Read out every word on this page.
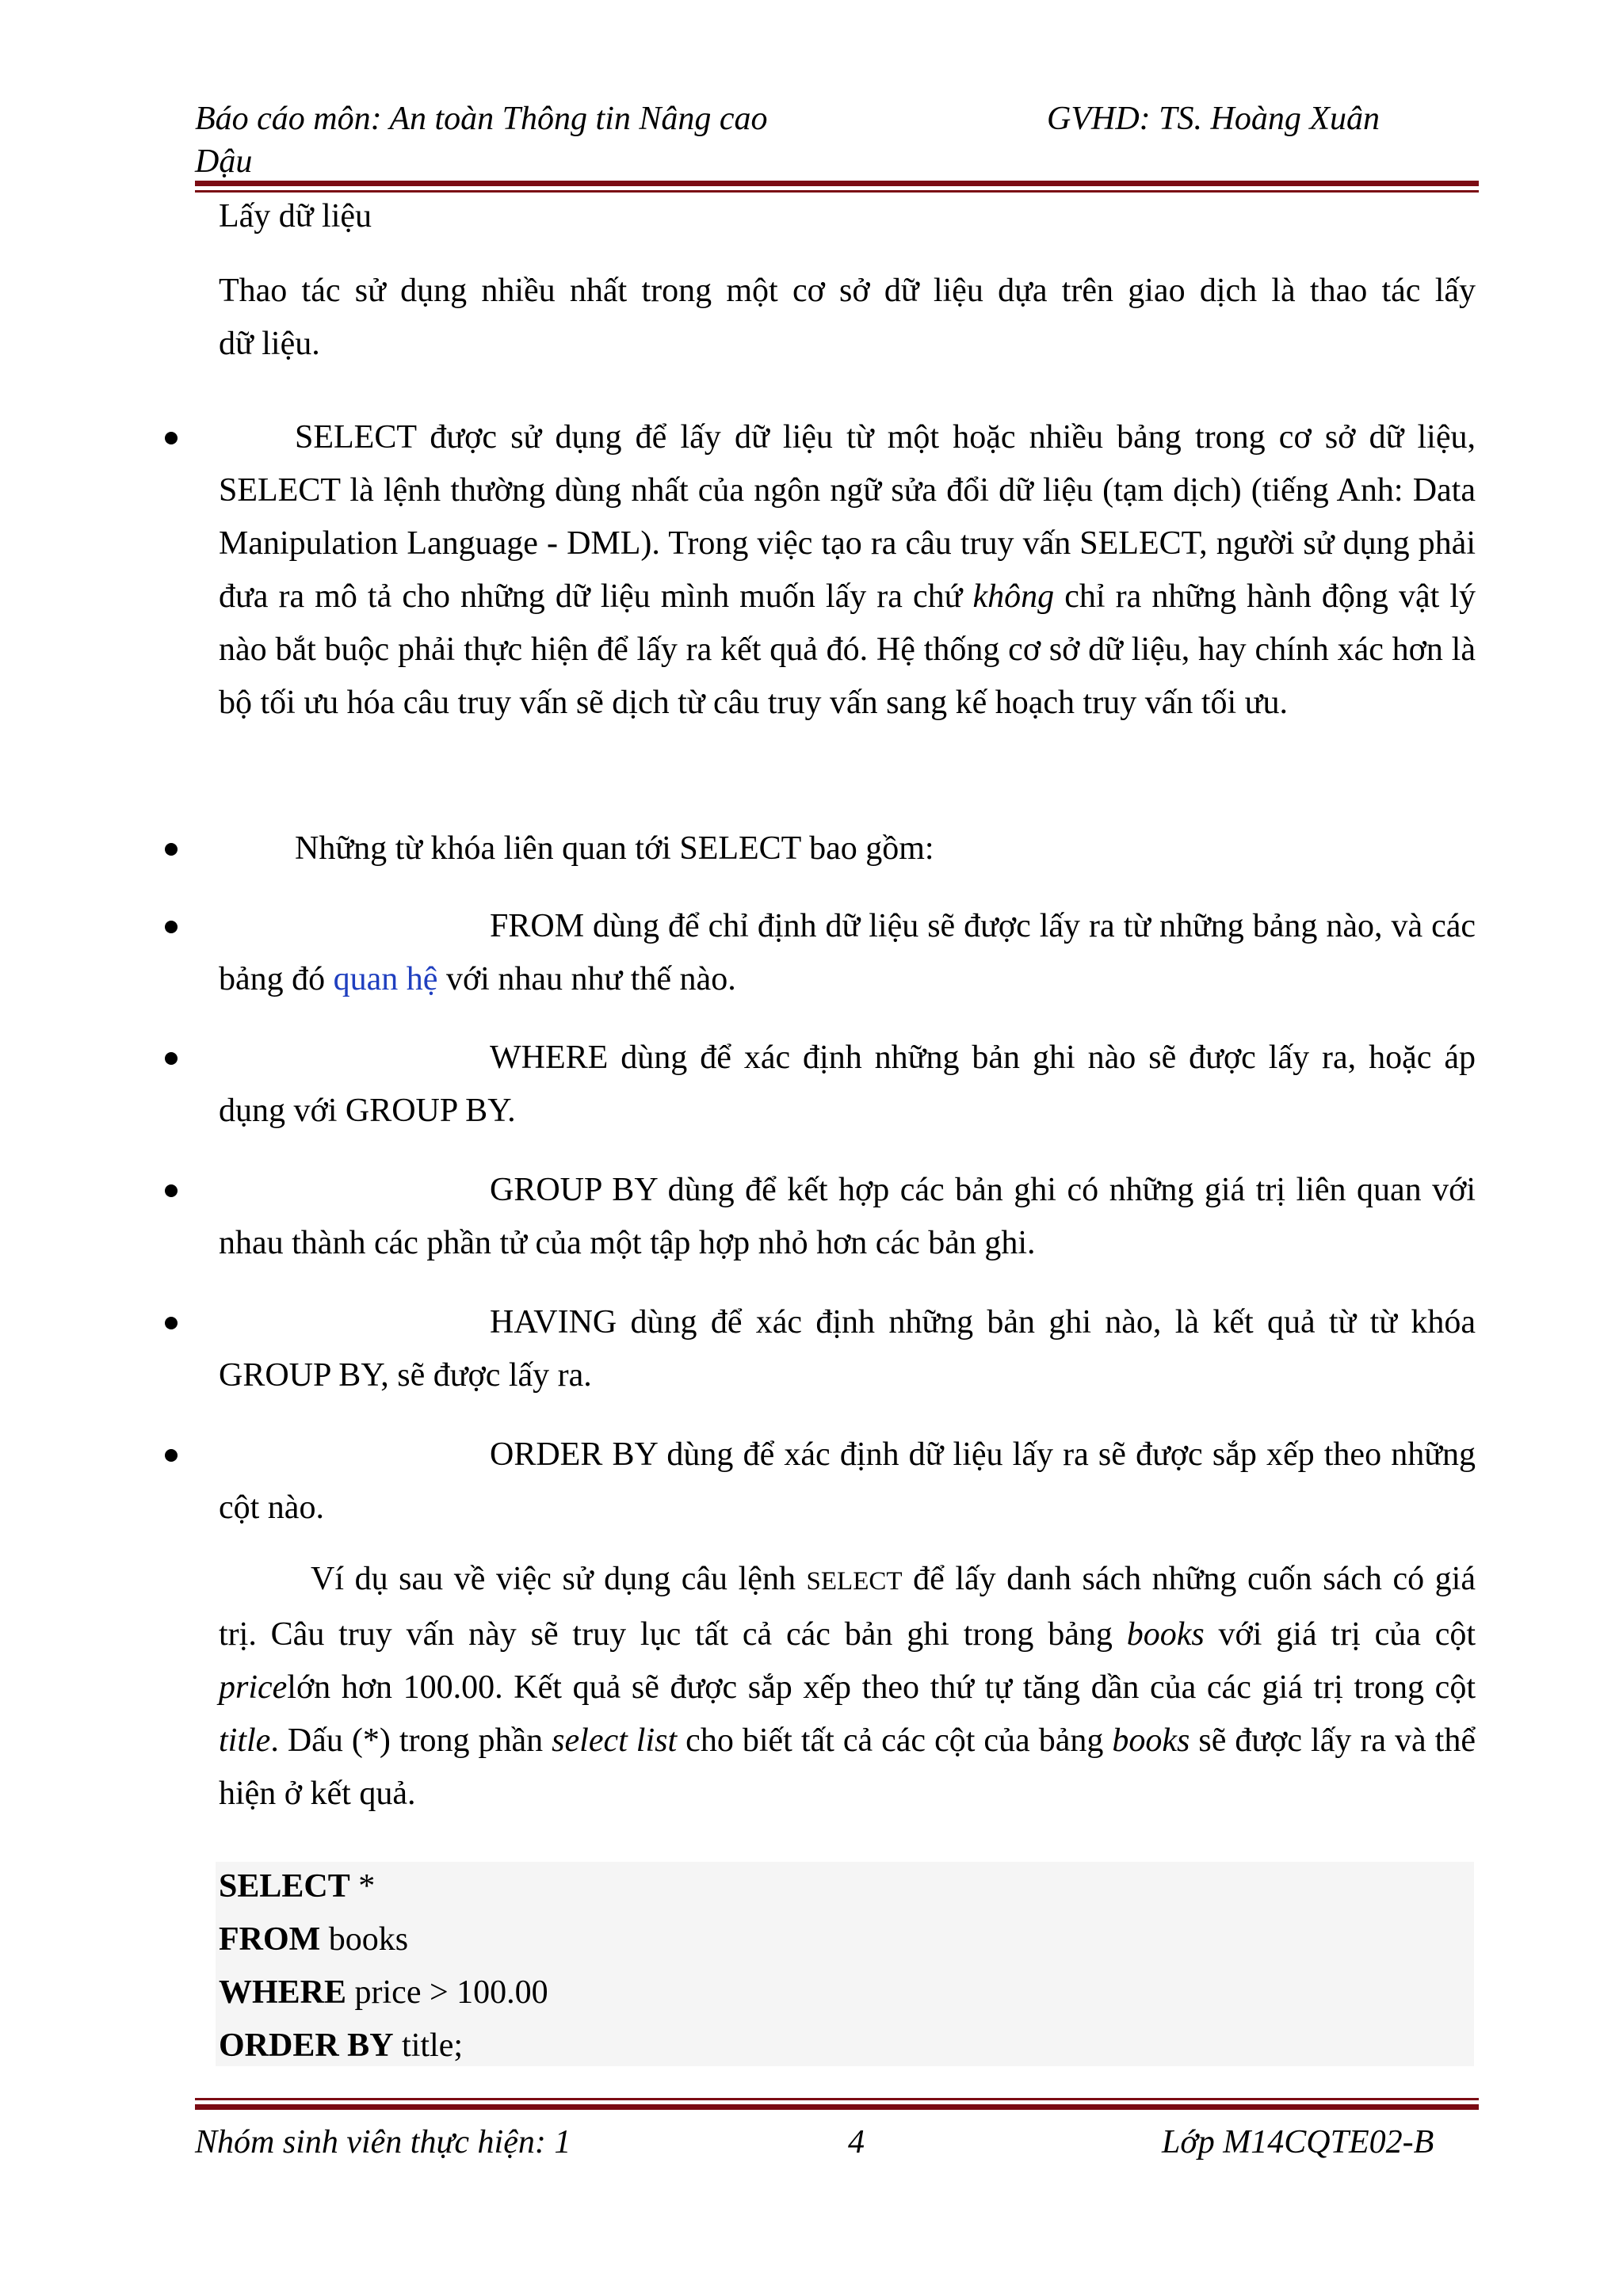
Báo cáo môn: An toàn Thông tin Nâng cao	GVHD: TS. Hoàng Xuân
Dậu
Lấy dữ liệu
Thao tác sử dụng nhiều nhất trong một cơ sở dữ liệu dựa trên giao dịch là thao tác lấy
dữ liệu.
SELECT được sử dụng để lấy dữ liệu từ một hoặc nhiều bảng trong cơ sở dữ liệu, SELECT là lệnh thường dùng nhất của ngôn ngữ sửa đổi dữ liệu (tạm dịch) (tiếng Anh: Data Manipulation Language - DML). Trong việc tạo ra câu truy vấn SELECT, người sử dụng phải đưa ra mô tả cho những dữ liệu mình muốn lấy ra chứ không chỉ ra những hành động vật lý nào bắt buộc phải thực hiện để lấy ra kết quả đó. Hệ thống cơ sở dữ liệu, hay chính xác hơn là bộ tối ưu hóa câu truy vấn sẽ dịch từ câu truy vấn sang kế hoạch truy vấn tối ưu.
Những từ khóa liên quan tới SELECT bao gồm:
FROM dùng để chỉ định dữ liệu sẽ được lấy ra từ những bảng nào, và các bảng đó quan hệ với nhau như thế nào.
WHERE dùng để xác định những bản ghi nào sẽ được lấy ra, hoặc áp dụng với GROUP BY.
GROUP BY dùng để kết hợp các bản ghi có những giá trị liên quan với nhau thành các phần tử của một tập hợp nhỏ hơn các bản ghi.
HAVING dùng để xác định những bản ghi nào, là kết quả từ từ khóa GROUP BY, sẽ được lấy ra.
ORDER BY dùng để xác định dữ liệu lấy ra sẽ được sắp xếp theo những cột nào.
Ví dụ sau về việc sử dụng câu lệnh SELECT để lấy danh sách những cuốn sách có giá trị. Câu truy vấn này sẽ truy lục tất cả các bản ghi trong bảng books với giá trị của cột pricelớn hơn 100.00. Kết quả sẽ được sắp xếp theo thứ tự tăng dần của các giá trị trong cột title. Dấu (*) trong phần select list cho biết tất cả các cột của bảng books sẽ được lấy ra và thể hiện ở kết quả.
SELECT *
FROM books
WHERE price > 100.00
ORDER BY title;
Nhóm sinh viên thực hiện: 1	4	Lớp M14CQTE02-B
